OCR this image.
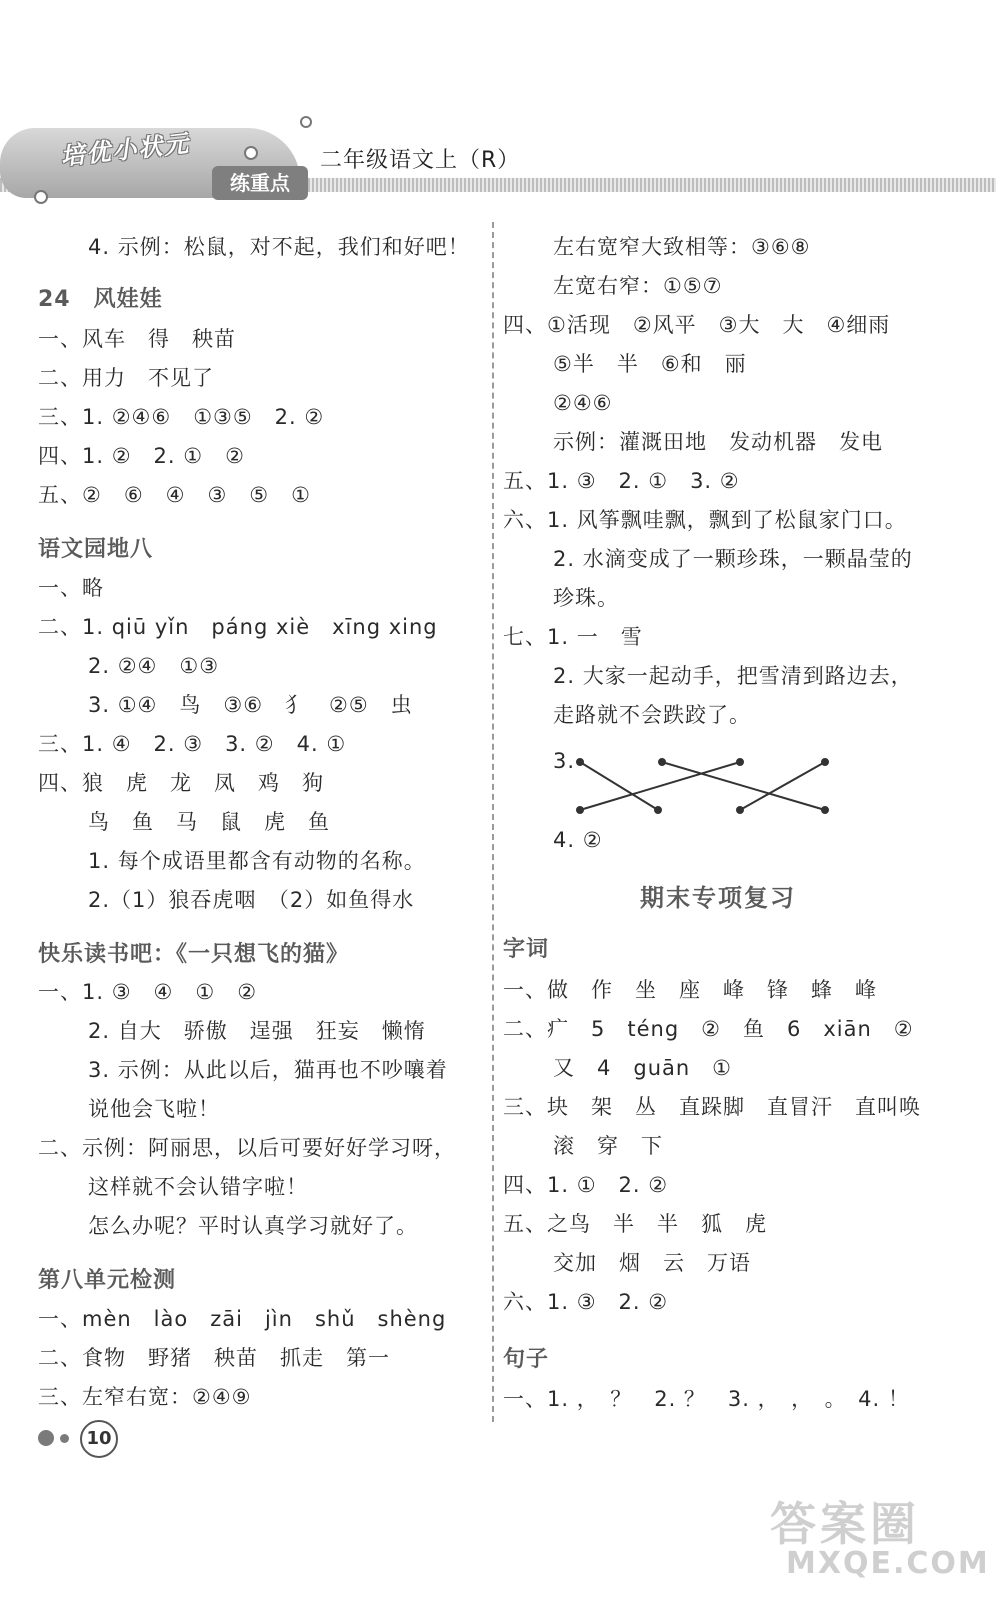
培优小状元
练重点
二年级语文上（R）
4. 示例：松鼠，对不起，我们和好吧！
24　风娃娃
一、风车　得　秧苗
二、用力　不见了
三、1. ②④⑥　①③⑤　2. ②
四、1. ②　2. ①　②
五、②　⑥　④　③　⑤　①
语文园地八
一、略
二、1. qiū yǐn　páng xiè　xīng xing
2. ②④　①③
3. ①④　鸟　③⑥　犭　②⑤　虫
三、1. ④　2. ③　3. ②　4. ①
四、狼　虎　龙　凤　鸡　狗
鸟　鱼　马　鼠　虎　鱼
1. 每个成语里都含有动物的名称。
2.（1）狼吞虎咽　（2）如鱼得水
快乐读书吧：《一只想飞的猫》
一、1. ③　④　①　②
2. 自大　骄傲　逞强　狂妄　懒惰
3. 示例：从此以后，猫再也不吵嚷着
说他会飞啦！
二、示例：阿丽思，以后可要好好学习呀，
这样就不会认错字啦！
怎么办呢？平时认真学习就好了。
第八单元检测
一、mèn　lào　zāi　jìn　shǔ　shèng
二、食物　野猪　秧苗　抓走　第一
三、左窄右宽：②④⑨
左右宽窄大致相等：③⑥⑧
左宽右窄：①⑤⑦
四、①活现　②风平　③大　大　④细雨
⑤半　半　⑥和　丽
②④⑥
示例：灌溉田地　发动机器　发电
五、1. ③　2. ①　3. ②
六、1. 风筝飘哇飘，飘到了松鼠家门口。
2. 水滴变成了一颗珍珠，一颗晶莹的
珍珠。
七、1. 一　雪
2. 大家一起动手，把雪清到路边去，
走路就不会跌跤了。
3.
4. ②
期末专项复习
字词
一、做　作　坐　座　峰　锋　蜂　峰
二、疒　5　téng　②　鱼　6　xiān　②
又　4　guān　①
三、块　架　丛　直跺脚　直冒汗　直叫唤
滚　穿　下
四、1. ①　2. ②
五、之鸟　半　半　狐　虎
交加　烟　云　万语
六、1. ③　2. ②
句子
一、1. ，　？　2. ？　3. ，　，　。　4. ！
10
答案圈
MXQE.COM
